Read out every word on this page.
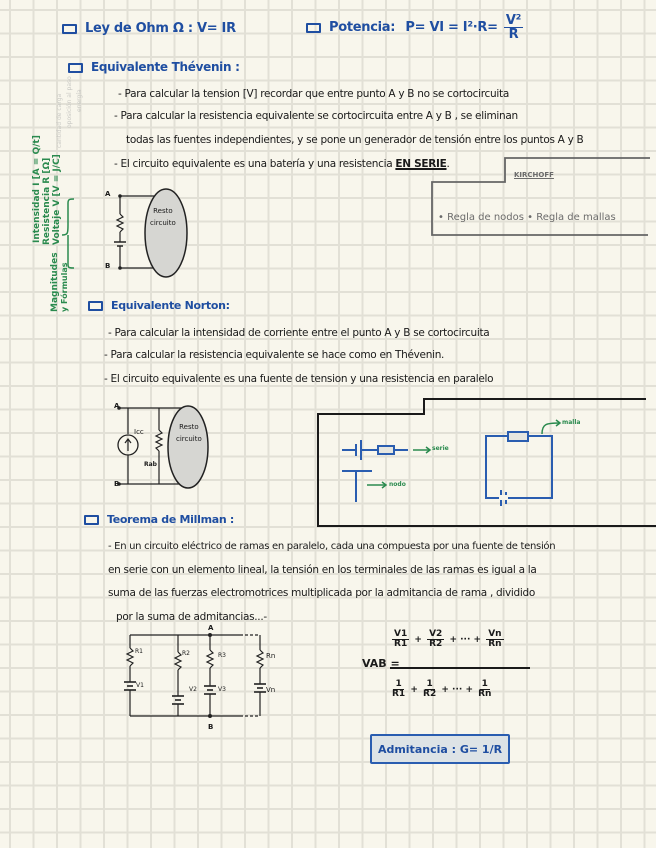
Ley de Ohm Ω : V= IR	Potencia: P= VI = $I^2\cdot R= \frac{\text{V²}}{R}$
Equivalente Thévenin :
- Para calcular la tension [V] recordar que entre punto A y B no se cortocircuita
- Para calcular la resistencia equivalente se cortocircuita entre A y B , se eliminan
todas las fuentes independientes, y se pone un generador de tensión entre los puntos A y B
- El circuito equivalente es una batería y una resistencia EN SERIE.
A
B
Resto
circuito
KIRCHOFF
• Regla de nodos • Regla de mallas
Magnitudes y Fórmulas
Intensidad I [A = Q/t]
Resistencia R [Ω]
Voltaje V [V = J/C]
cantidad de carga oposición al paso energía
Equivalente Norton:
- Para calcular la intensidad de corriente entre el punto A y B se cortocircuita
- Para calcular la resistencia equivalente se hace como en Thévenin.
- El circuito equivalente es una fuente de tension y una resistencia en paralelo
A
B
Icc
Rab
Resto
circuito
serie
nodo
malla
Teorema de Millman :
- En un circuito eléctrico de ramas en paralelo, cada una compuesta por una fuente de tensión
en serie con un elemento lineal, la tensión en los terminales de las ramas es igual a la
suma de las fuerzas electromotrices multiplicada por la admitancia de rama , dividido
por la suma de admitancias...-
A
B
R1
V1
R2
V2
R3
V3
Rn
Vn
VAB =
$\frac{V1}{R1} + \frac{V2}{R2}$ + ··· + $\frac{Vn}{Rn}$
$\frac{1}{R1} + \frac{1}{R2}$ + ··· + $\frac{1}{Rn}$
Admitancia : G= 1/R
